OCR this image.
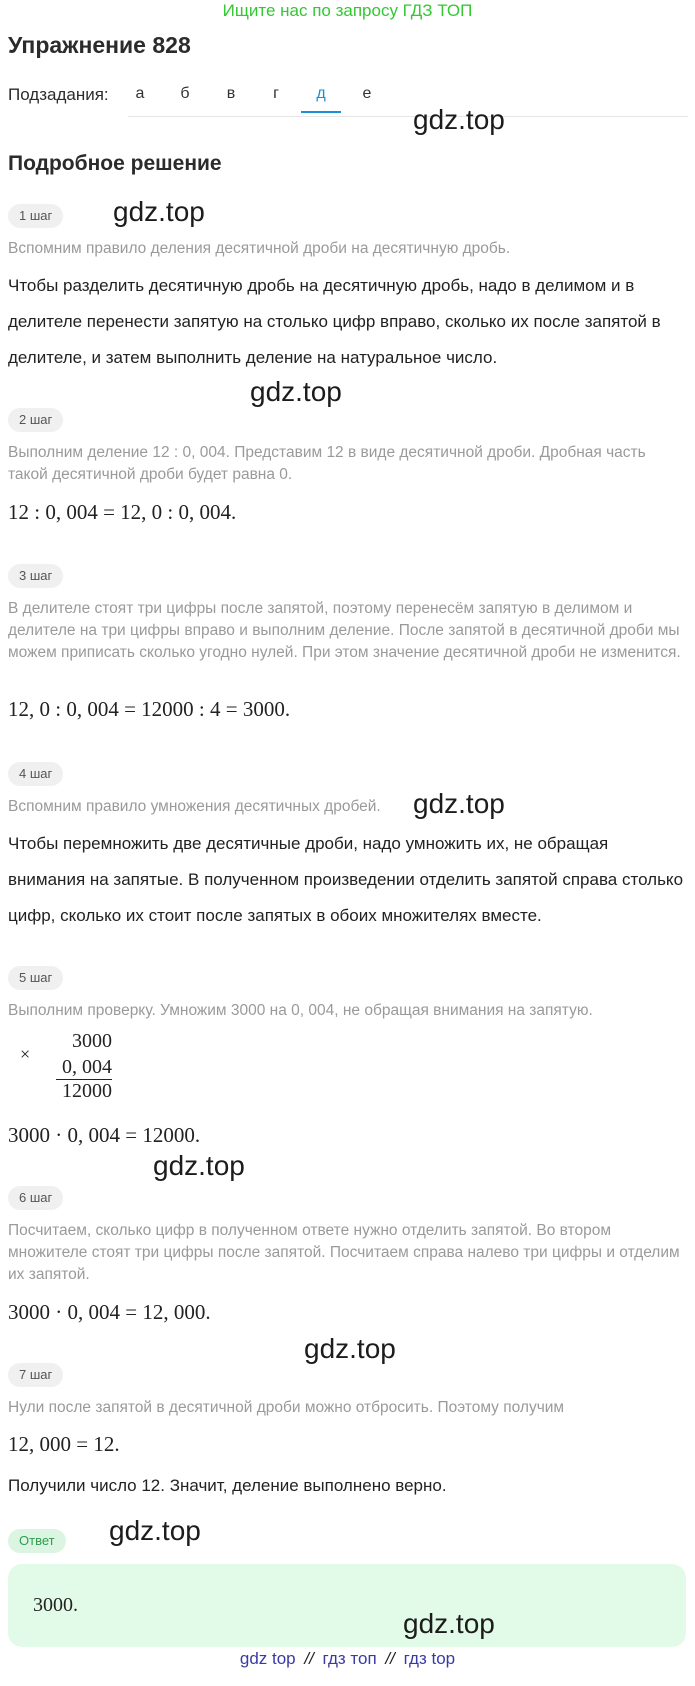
Ищите нас по запросу ГДЗ ТОП
Упражнение 828
Подзадания:	а	б	в	г	д	е
gdz.top
Подробное решение
1 шаг	gdz.top
Вспомним правило деления десятичной дроби на десятичную дробь.
Чтобы разделить десятичную дробь на десятичную дробь, надо в делимом и в делителе перенести запятую на столько цифр вправо, сколько их после запятой в делителе, и затем выполнить деление на натуральное число.
gdz.top
2 шаг
Выполним деление 12 : 0, 004. Представим 12 в виде десятичной дроби. Дробная часть такой десятичной дроби будет равна 0.
12 : 0, 004 = 12, 0 : 0, 004.
3 шаг
В делителе стоят три цифры после запятой, поэтому перенесём запятую в делимом и делителе на три цифры вправо и выполним деление. После запятой в десятичной дроби мы можем приписать сколько угодно нулей. При этом значение десятичной дроби не изменится.
12, 0 : 0, 004 = 12000 : 4 = 3000.
4 шаг
Вспомним правило умножения десятичных дробей.	gdz.top
Чтобы перемножить две десятичные дроби, надо умножить их, не обращая внимания на запятые. В полученном произведении отделить запятой справа столько цифр, сколько их стоит после запятых в обоих множителях вместе.
5 шаг
Выполним проверку. Умножим 3000 на 0, 004, не обращая внимания на запятую.
×
3000
0, 004
12000
3000 · 0, 004 = 12000.
gdz.top
6 шаг
Посчитаем, сколько цифр в полученном ответе нужно отделить запятой. Во втором множителе стоят три цифры после запятой. Посчитаем справа налево три цифры и отделим их запятой.
3000 · 0, 004 = 12, 000.
gdz.top
7 шаг
Нули после запятой в десятичной дроби можно отбросить. Поэтому получим
12, 000 = 12.
Получили число 12. Значит, деление выполнено верно.
Ответ	gdz.top
3000.
gdz.top
gdz top // гдз топ // гдз top
